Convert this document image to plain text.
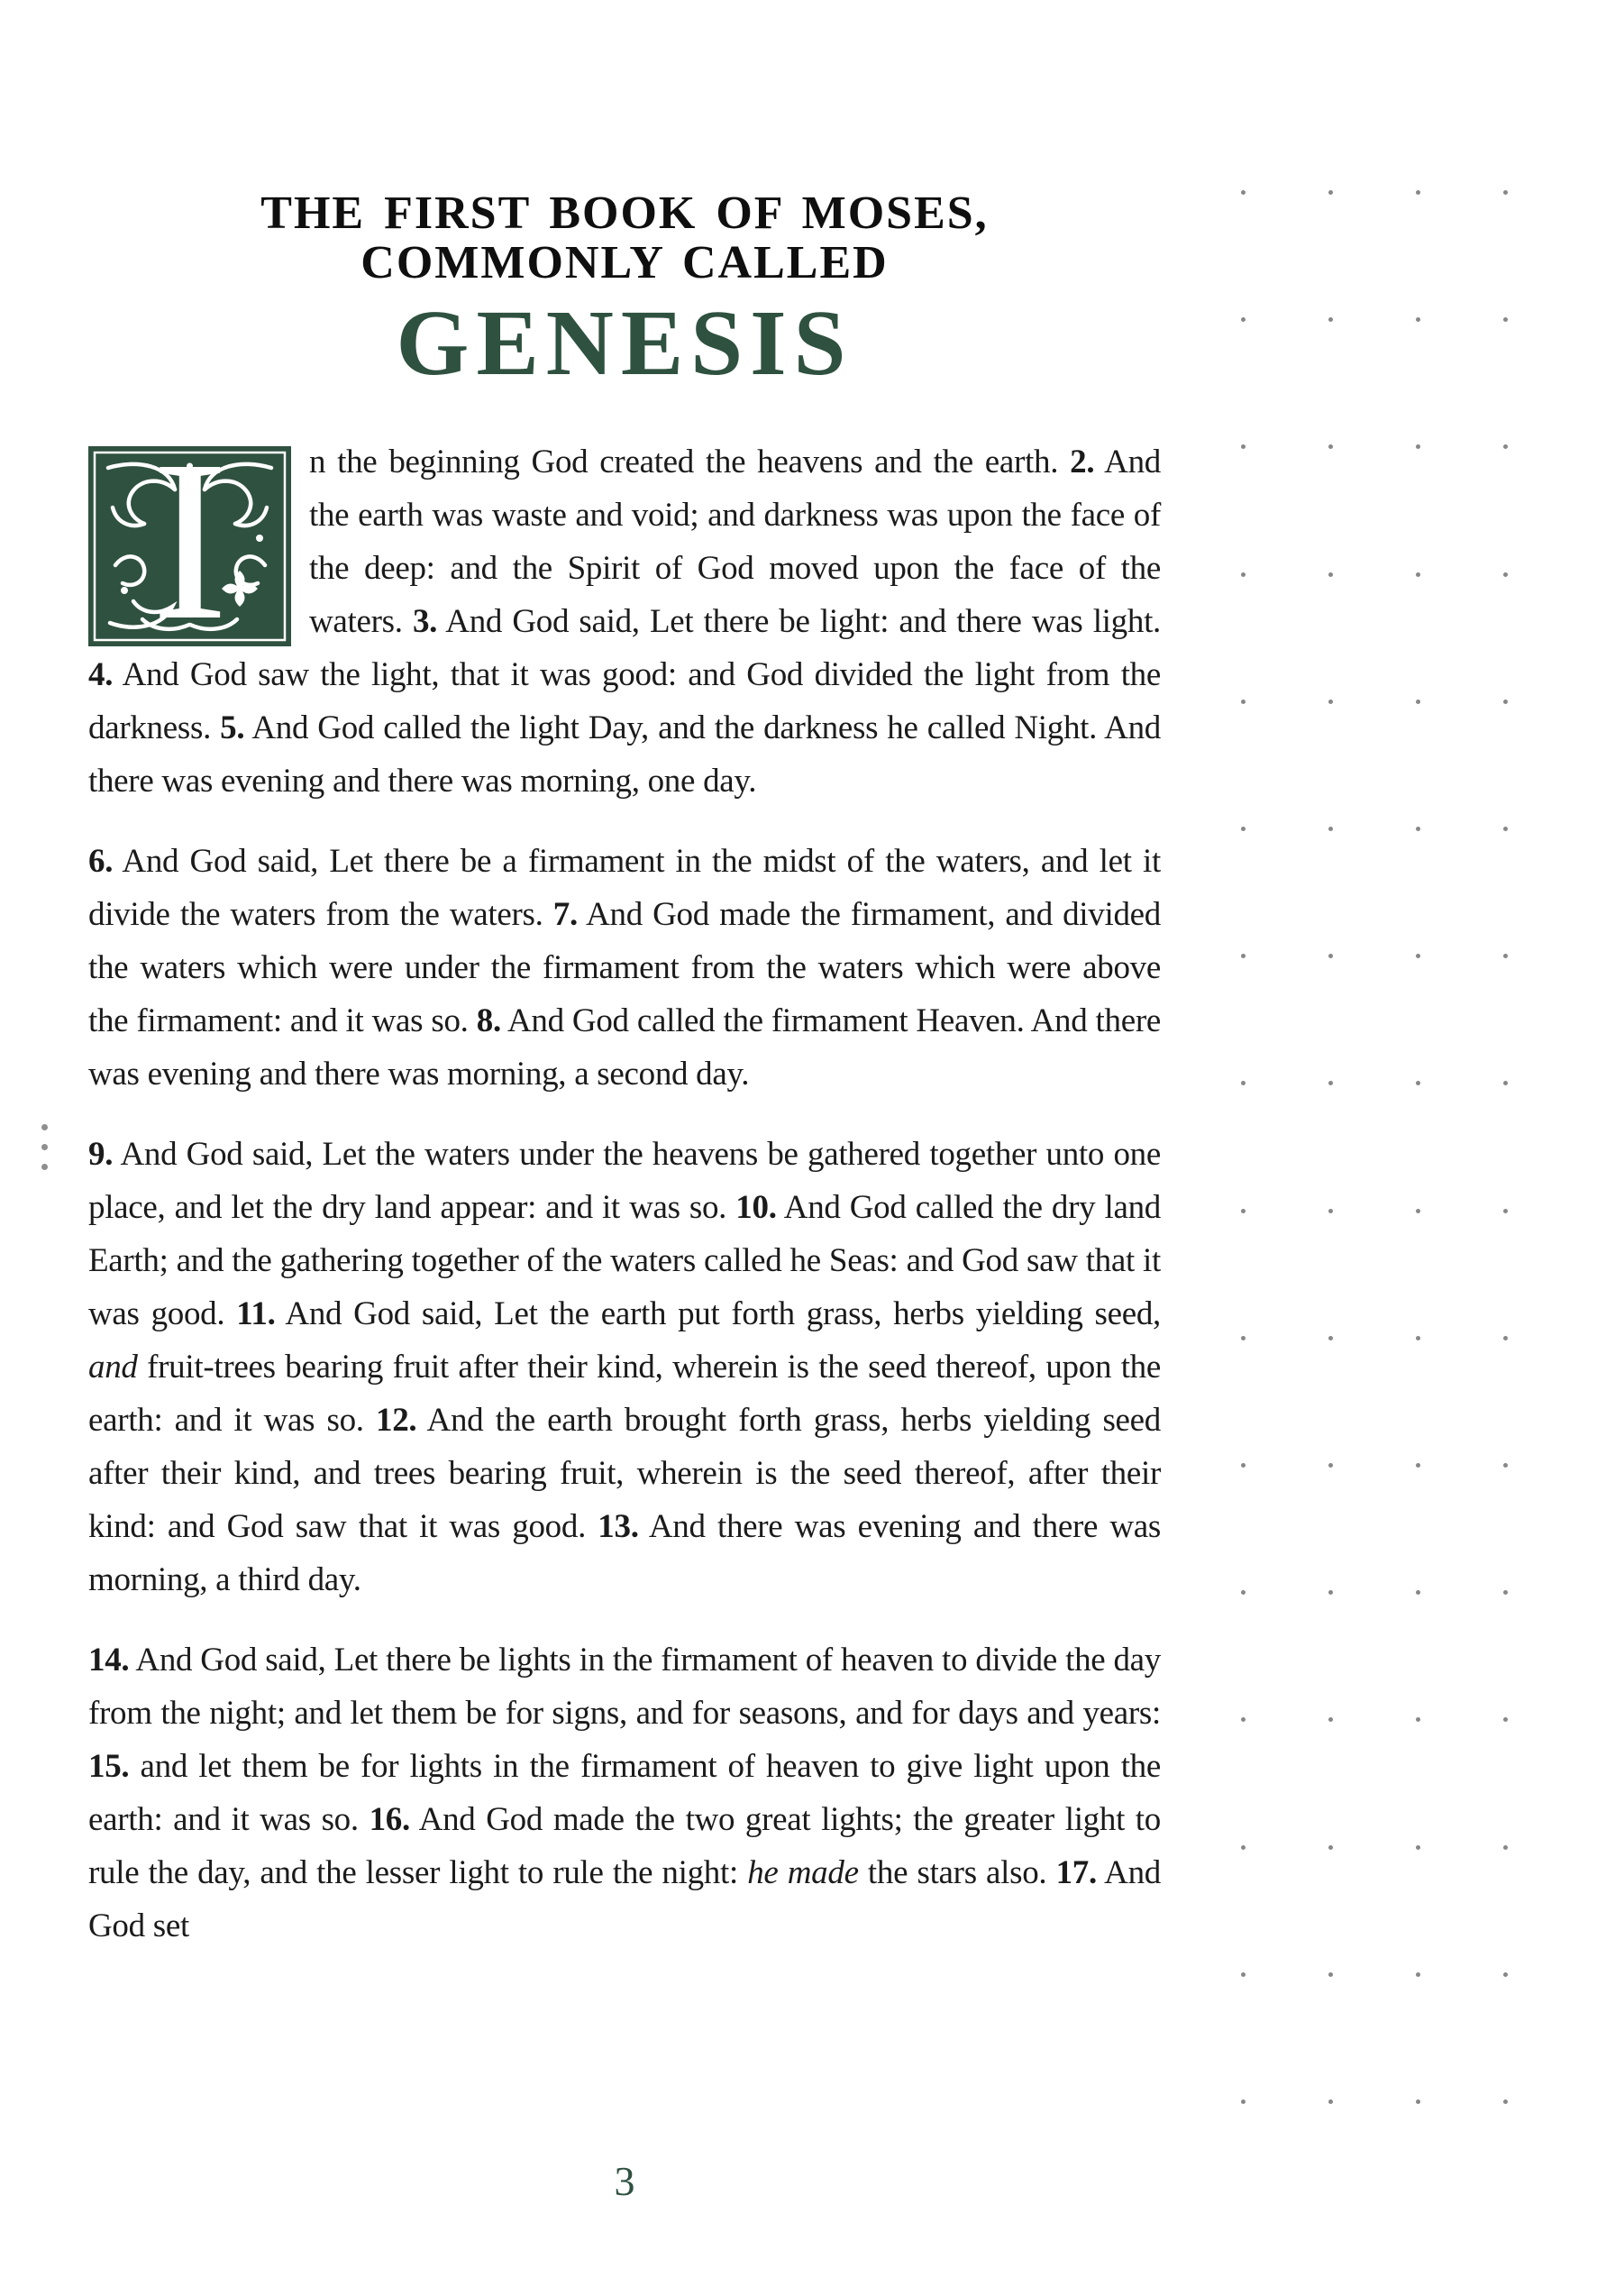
THE FIRST BOOK OF MOSES,
COMMONLY CALLED
GENESIS

I n the beginning God created the heavens and the earth. 2. And the earth was waste and void; and darkness was upon the face of the deep: and the Spirit of God moved upon the face of the waters. 3. And God said, Let there be light: and there was light. 4. And God saw the light, that it was good: and God divided the light from the darkness. 5. And God called the light Day, and the darkness he called Night. And there was evening and there was morning, one day.

6. And God said, Let there be a firmament in the midst of the waters, and let it divide the waters from the waters. 7. And God made the firmament, and divided the waters which were under the firmament from the waters which were above the firmament: and it was so. 8. And God called the firmament Heaven. And there was evening and there was morning, a second day.

9. And God said, Let the waters under the heavens be gathered together unto one place, and let the dry land appear: and it was so. 10. And God called the dry land Earth; and the gathering together of the waters called he Seas: and God saw that it was good. 11. And God said, Let the earth put forth grass, herbs yielding seed, and fruit-trees bearing fruit after their kind, wherein is the seed thereof, upon the earth: and it was so. 12. And the earth brought forth grass, herbs yielding seed after their kind, and trees bearing fruit, wherein is the seed thereof, after their kind: and God saw that it was good. 13. And there was evening and there was morning, a third day.

14. And God said, Let there be lights in the firmament of heaven to divide the day from the night; and let them be for signs, and for seasons, and for days and years: 15. and let them be for lights in the firmament of heaven to give light upon the earth: and it was so. 16. And God made the two great lights; the greater light to rule the day, and the lesser light to rule the night: he made the stars also. 17. And God set

3
